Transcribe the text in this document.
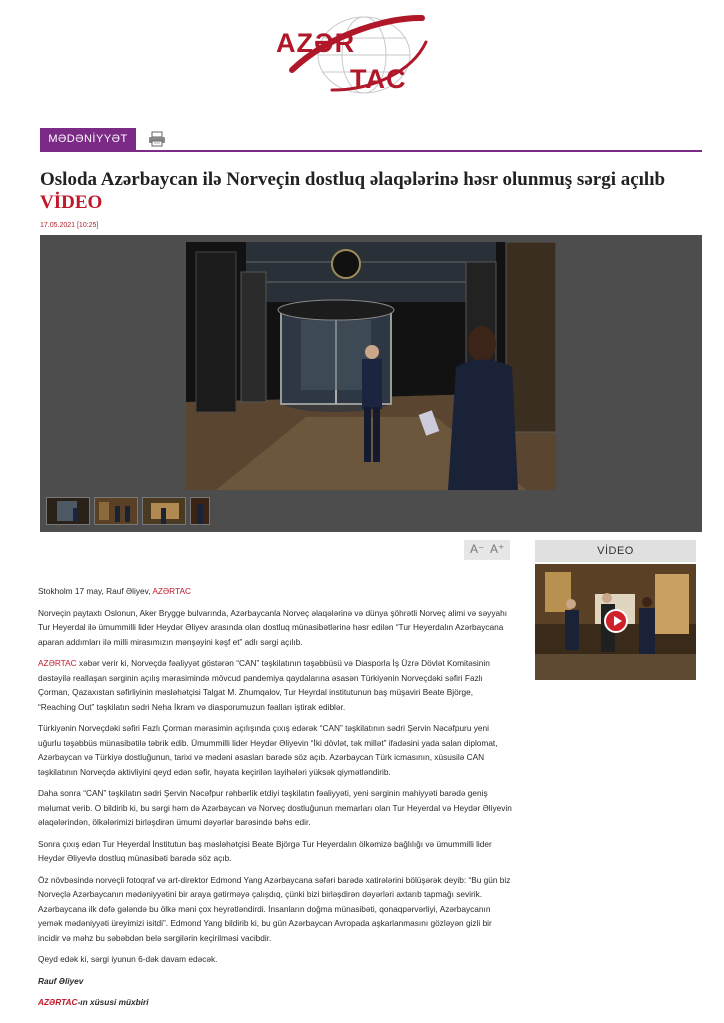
AZƏR
TAC
MƏDƏNİYYƏT
Osloda Azərbaycan ilə Norveçin dostluq əlaqələrinə həsr olunmuş sərgi açılıb
VİDEO
17.05.2021 [10:25]
A⁻ A⁺

Stokholm 17 may, Rauf Əliyev, AZƏRTAC

Norveçin paytaxtı Oslonun, Aker Brygge bulvarında, Azərbaycanla Norveç əlaqələrinə və dünya şöhrətli Norveç alimi və səyyahı Tur Heyerdal ilə ümummilli lider Heydər Əliyev arasında olan dostluq münasibətlərinə həsr edilən “Tur Heyerdalın Azərbaycana aparan addımları ilə milli mirasımızın mənşəyini kəşf et” adlı sərgi açılıb.

AZƏRTAC xəbər verir ki, Norveçdə fəaliyyət göstərən “CAN” təşkilatının təşəbbüsü və Diasporla İş Üzrə Dövlət Komitəsinin dəstəyilə reallaşan sərginin açılış mərasimində mövcud pandemiya qaydalarına əsasən Türkiyənin Norveçdəki səfiri Fazlı Çorman, Qazaxıstan səfirliyinin məsləhətçisi Talgat M. Zhumqalov, Tur Heyrdal institutunun baş müşaviri Beate Björge, “Reaching Out” təşkilatın sədri Neha İkram və diasporumuzun fəalları iştirak ediblər.

Türkiyənin Norveçdəki səfiri Fazlı Çorman mərasimin açılışında çıxış edərək “CAN” təşkilatının sədri Şervin Nəcəfpuru yeni uğurlu təşəbbüs münasibətilə təbrik edib. Ümummilli lider Heydər Əliyevin “İki dövlət, tək millət” ifadəsini yada salan diplomat, Azərbaycan və Türkiyə dostluğunun, tarixi və mədəni əsasları barədə söz açıb. Azərbaycan Türk icmasının, xüsusilə CAN təşkilatının Norveçdə aktivliyini qeyd edən səfir, həyata keçirilən layihələri yüksək qiymətləndirib.

Daha sonra “CAN” təşkilatın sədri Şervin Nəcəfpur rəhbərlik etdiyi təşkilatın fəaliyyəti, yeni sərginin mahiyyəti barədə geniş məlumat verib. O bildirib ki, bu sərgi həm də Azərbaycan və Norveç dostluğunun memarları olan Tur Heyerdal və Heydər Əliyevin əlaqələrindən, ölkələrimizi birləşdirən ümumi dəyərlər barəsində bəhs edir.

Sonra çıxış edən Tur Heyerdal İnstitutun baş məsləhətçisi Beate Björgə Tur Heyerdalın ölkəmizə bağlılığı və ümummilli lider Heydər Əliyevlə dostluq münasibəti barədə söz açıb.

Öz növbəsində norveçli fotoqraf və art-direktor Edmond Yang Azərbaycana səfəri barədə xatirələrini bölüşərək deyib: “Bu gün biz Norveçlə Azərbaycanın mədəniyyətini bir araya gətirməyə çalışdıq, çünki bizi birləşdirən dəyərləri axtarıb tapmağı sevirik. Azərbaycana ilk dəfə gələndə bu ölkə məni çox heyrətləndirdi. İnsanların doğma münasibəti, qonaqpərvərliyi, Azərbaycanın yemək mədəniyyəti üreyimizi isitdi”. Edmond Yang bildirib ki, bu gün Azərbaycan Avropada aşkarlanmasını gözləyən gizli bir incidir və məhz bu səbəbdən belə sərgilərin keçirilməsi vacibdir.

Qeyd edək ki, sərgi iyunun 6-dək davam edəcək.

Rauf Əliyev

AZƏRTAC-ın xüsusi müxbiri

VİDEO
